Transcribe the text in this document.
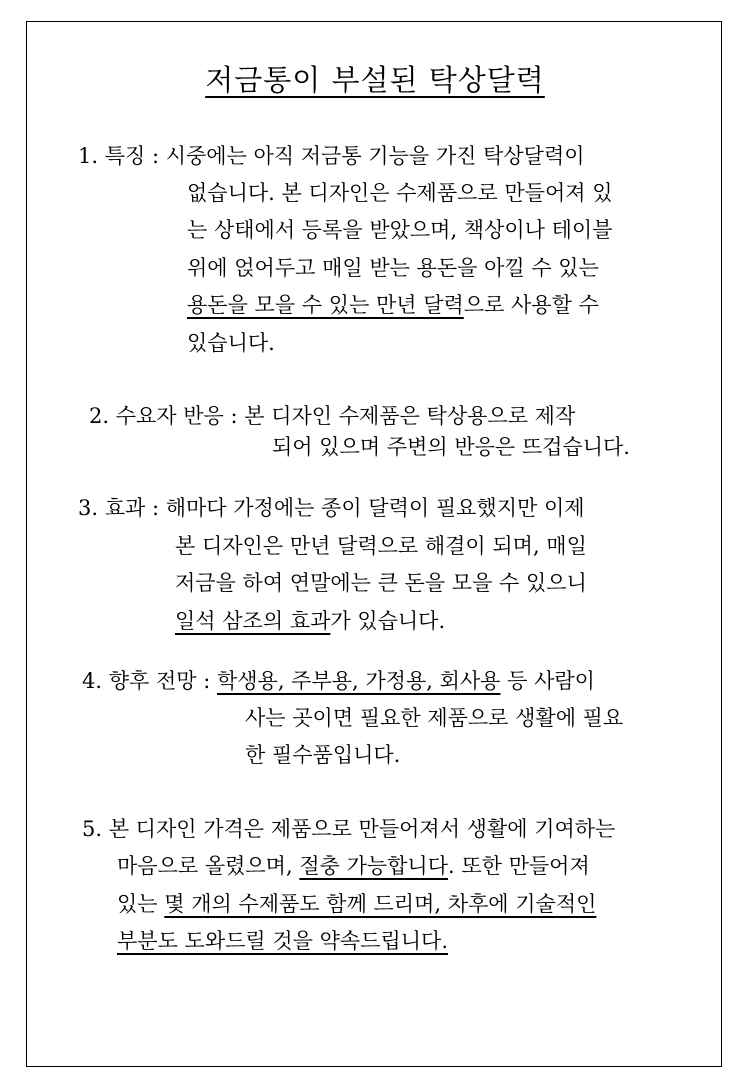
저금통이 부설된 탁상달력
1. 특징 : 시중에는 아직 저금통 기능을 가진 탁상달력이
없습니다. 본 디자인은 수제품으로 만들어져 있
는 상태에서 등록을 받았으며, 책상이나 테이블
위에 얹어두고 매일 받는 용돈을 아낄 수 있는
용돈을 모을 수 있는 만년 달력으로 사용할 수
있습니다.
2. 수요자 반응 : 본 디자인 수제품은 탁상용으로 제작
되어 있으며 주변의 반응은 뜨겁습니다.
3. 효과 : 해마다 가정에는 종이 달력이 필요했지만 이제
본 디자인은 만년 달력으로 해결이 되며, 매일
저금을 하여 연말에는 큰 돈을 모을 수 있으니
일석 삼조의 효과가 있습니다.
4. 향후 전망 : 학생용, 주부용, 가정용, 회사용 등 사람이
사는 곳이면 필요한 제품으로 생활에 필요
한 필수품입니다.
5. 본 디자인 가격은 제품으로 만들어져서 생활에 기여하는
마음으로 올렸으며, 절충 가능합니다. 또한 만들어져
있는 몇 개의 수제품도 함께 드리며, 차후에 기술적인
부분도 도와드릴 것을 약속드립니다.
